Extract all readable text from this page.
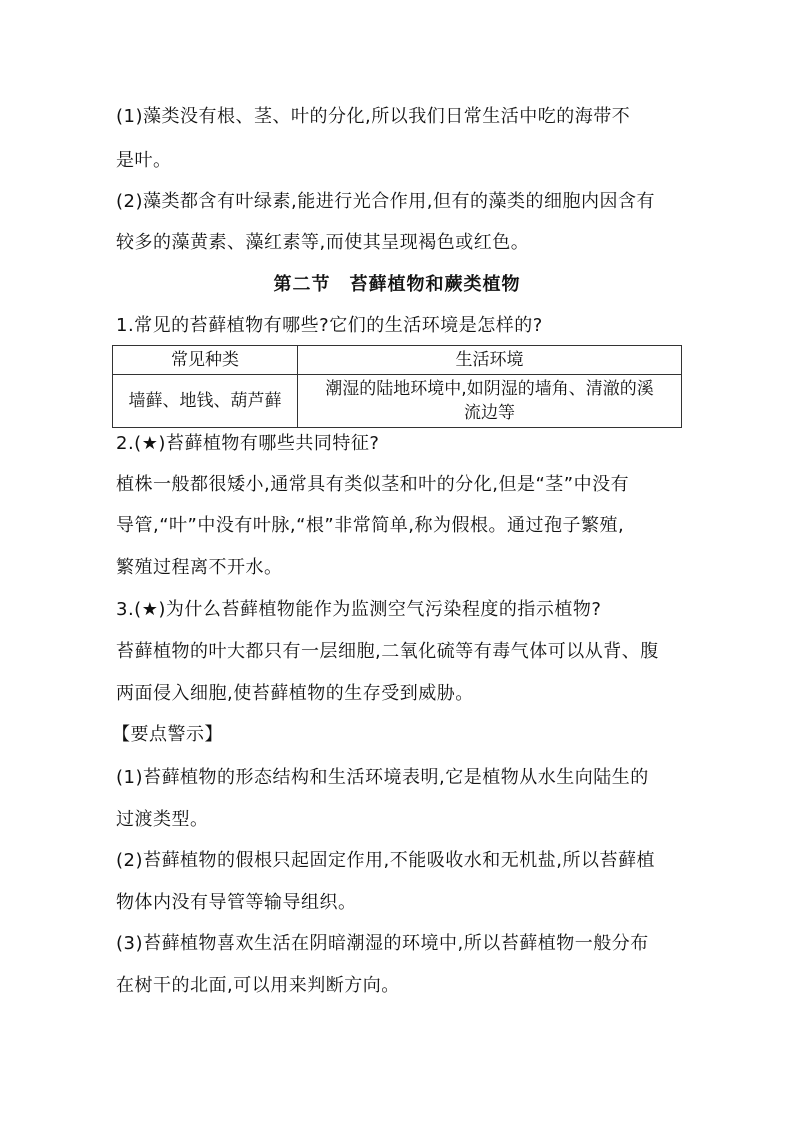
(1)藻类没有根、茎、叶的分化,所以我们日常生活中吃的海带不
是叶。
(2)藻类都含有叶绿素,能进行光合作用,但有的藻类的细胞内因含有
较多的藻黄素、藻红素等,而使其呈现褐色或红色。
第二节　苔藓植物和蕨类植物
1.常见的苔藓植物有哪些?它们的生活环境是怎样的?
常见种类	生活环境
墙藓、地钱、葫芦藓	潮湿的陆地环境中,如阴湿的墙角、清澈的溪
流边等
2.(★)苔藓植物有哪些共同特征?
植株一般都很矮小,通常具有类似茎和叶的分化,但是“茎”中没有
导管,“叶”中没有叶脉,“根”非常简单,称为假根。通过孢子繁殖,
繁殖过程离不开水。
3.(★)为什么苔藓植物能作为监测空气污染程度的指示植物?
苔藓植物的叶大都只有一层细胞,二氧化硫等有毒气体可以从背、腹
两面侵入细胞,使苔藓植物的生存受到威胁。
【要点警示】
(1)苔藓植物的形态结构和生活环境表明,它是植物从水生向陆生的
过渡类型。
(2)苔藓植物的假根只起固定作用,不能吸收水和无机盐,所以苔藓植
物体内没有导管等输导组织。
(3)苔藓植物喜欢生活在阴暗潮湿的环境中,所以苔藓植物一般分布
在树干的北面,可以用来判断方向。
